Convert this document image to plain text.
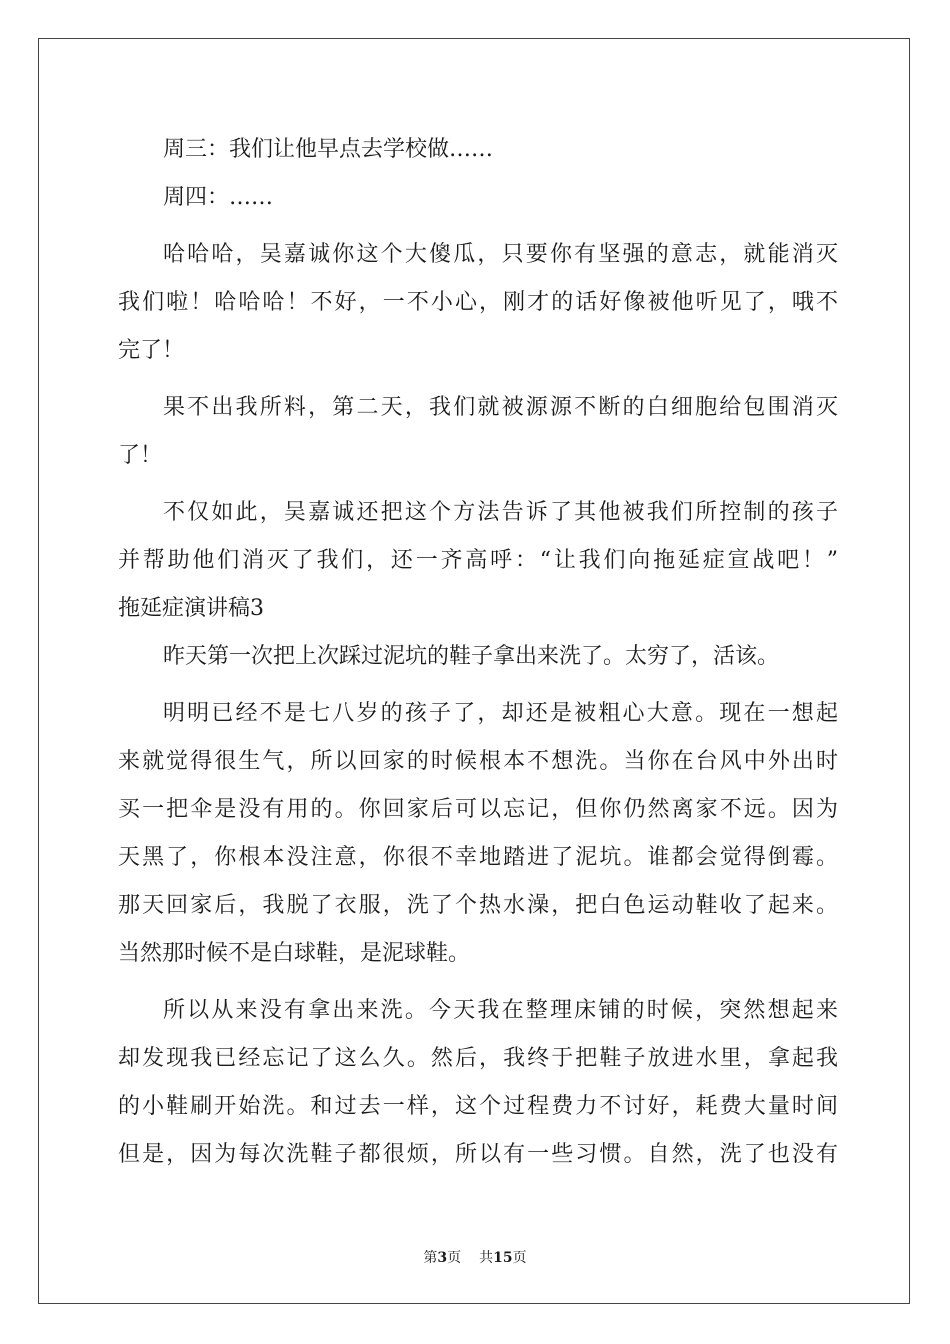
周三：我们让他早点去学校做……
周四：……
哈哈哈，吴嘉诚你这个大傻瓜，只要你有坚强的意志，就能消灭
我们啦！哈哈哈！不好，一不小心，刚才的话好像被他听见了，哦不
完了！
果不出我所料，第二天，我们就被源源不断的白细胞给包围消灭
了！
不仅如此，吴嘉诚还把这个方法告诉了其他被我们所控制的孩子
并帮助他们消灭了我们，还一齐高呼：“让我们向拖延症宣战吧！”
拖延症演讲稿3
昨天第一次把上次踩过泥坑的鞋子拿出来洗了。太穷了，活该。
明明已经不是七八岁的孩子了，却还是被粗心大意。现在一想起
来就觉得很生气，所以回家的时候根本不想洗。当你在台风中外出时
买一把伞是没有用的。你回家后可以忘记，但你仍然离家不远。因为
天黑了，你根本没注意，你很不幸地踏进了泥坑。谁都会觉得倒霉。
那天回家后，我脱了衣服，洗了个热水澡，把白色运动鞋收了起来。
当然那时候不是白球鞋，是泥球鞋。
所以从来没有拿出来洗。今天我在整理床铺的时候，突然想起来
却发现我已经忘记了这么久。然后，我终于把鞋子放进水里，拿起我
的小鞋刷开始洗。和过去一样，这个过程费力不讨好，耗费大量时间
但是，因为每次洗鞋子都很烦，所以有一些习惯。自然，洗了也没有
第3页 共15页
